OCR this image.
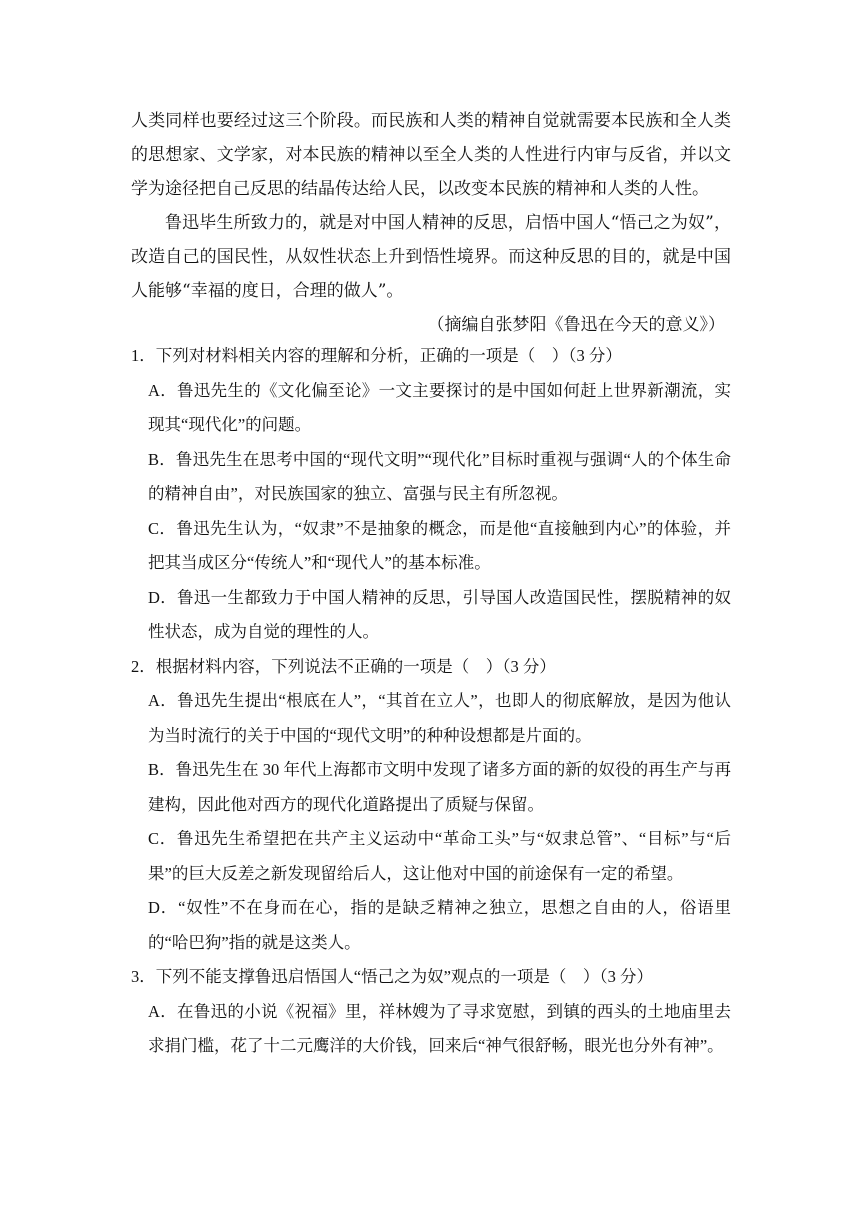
人类同样也要经过这三个阶段。而民族和人类的精神自觉就需要本民族和全人类的思想家、文学家，对本民族的精神以至全人类的人性进行内审与反省，并以文学为途径把自己反思的结晶传达给人民，以改变本民族的精神和人类的人性。

鲁迅毕生所致力的，就是对中国人精神的反思，启悟中国人“悟己之为奴”，改造自己的国民性，从奴性状态上升到悟性境界。而这种反思的目的，就是中国人能够“幸福的度日，合理的做人”。

（摘编自张梦阳《鲁迅在今天的意义》）

1．下列对材料相关内容的理解和分析，正确的一项是（　）（3 分）

A．鲁迅先生的《文化偏至论》一文主要探讨的是中国如何赶上世界新潮流，实现其“现代化”的问题。

B．鲁迅先生在思考中国的“现代文明”“现代化”目标时重视与强调“人的个体生命的精神自由”，对民族国家的独立、富强与民主有所忽视。

C．鲁迅先生认为，“奴隶”不是抽象的概念，而是他“直接触到内心”的体验，并把其当成区分“传统人”和“现代人”的基本标准。

D．鲁迅一生都致力于中国人精神的反思，引导国人改造国民性，摆脱精神的奴性状态，成为自觉的理性的人。

2．根据材料内容，下列说法不正确的一项是（　）（3 分）

A．鲁迅先生提出“根底在人”，“其首在立人”，也即人的彻底解放，是因为他认为当时流行的关于中国的“现代文明”的种种设想都是片面的。

B．鲁迅先生在 30 年代上海都市文明中发现了诸多方面的新的奴役的再生产与再建构，因此他对西方的现代化道路提出了质疑与保留。

C．鲁迅先生希望把在共产主义运动中“革命工头”与“奴隶总管”、“目标”与“后果”的巨大反差之新发现留给后人，这让他对中国的前途保有一定的希望。

D．“奴性”不在身而在心，指的是缺乏精神之独立，思想之自由的人，俗语里的“哈巴狗”指的就是这类人。

3．下列不能支撑鲁迅启悟国人“悟己之为奴”观点的一项是（　）（3 分）

A．在鲁迅的小说《祝福》里，祥林嫂为了寻求宽慰，到镇的西头的土地庙里去求捐门槛，花了十二元鹰洋的大价钱，回来后“神气很舒畅，眼光也分外有神”。
